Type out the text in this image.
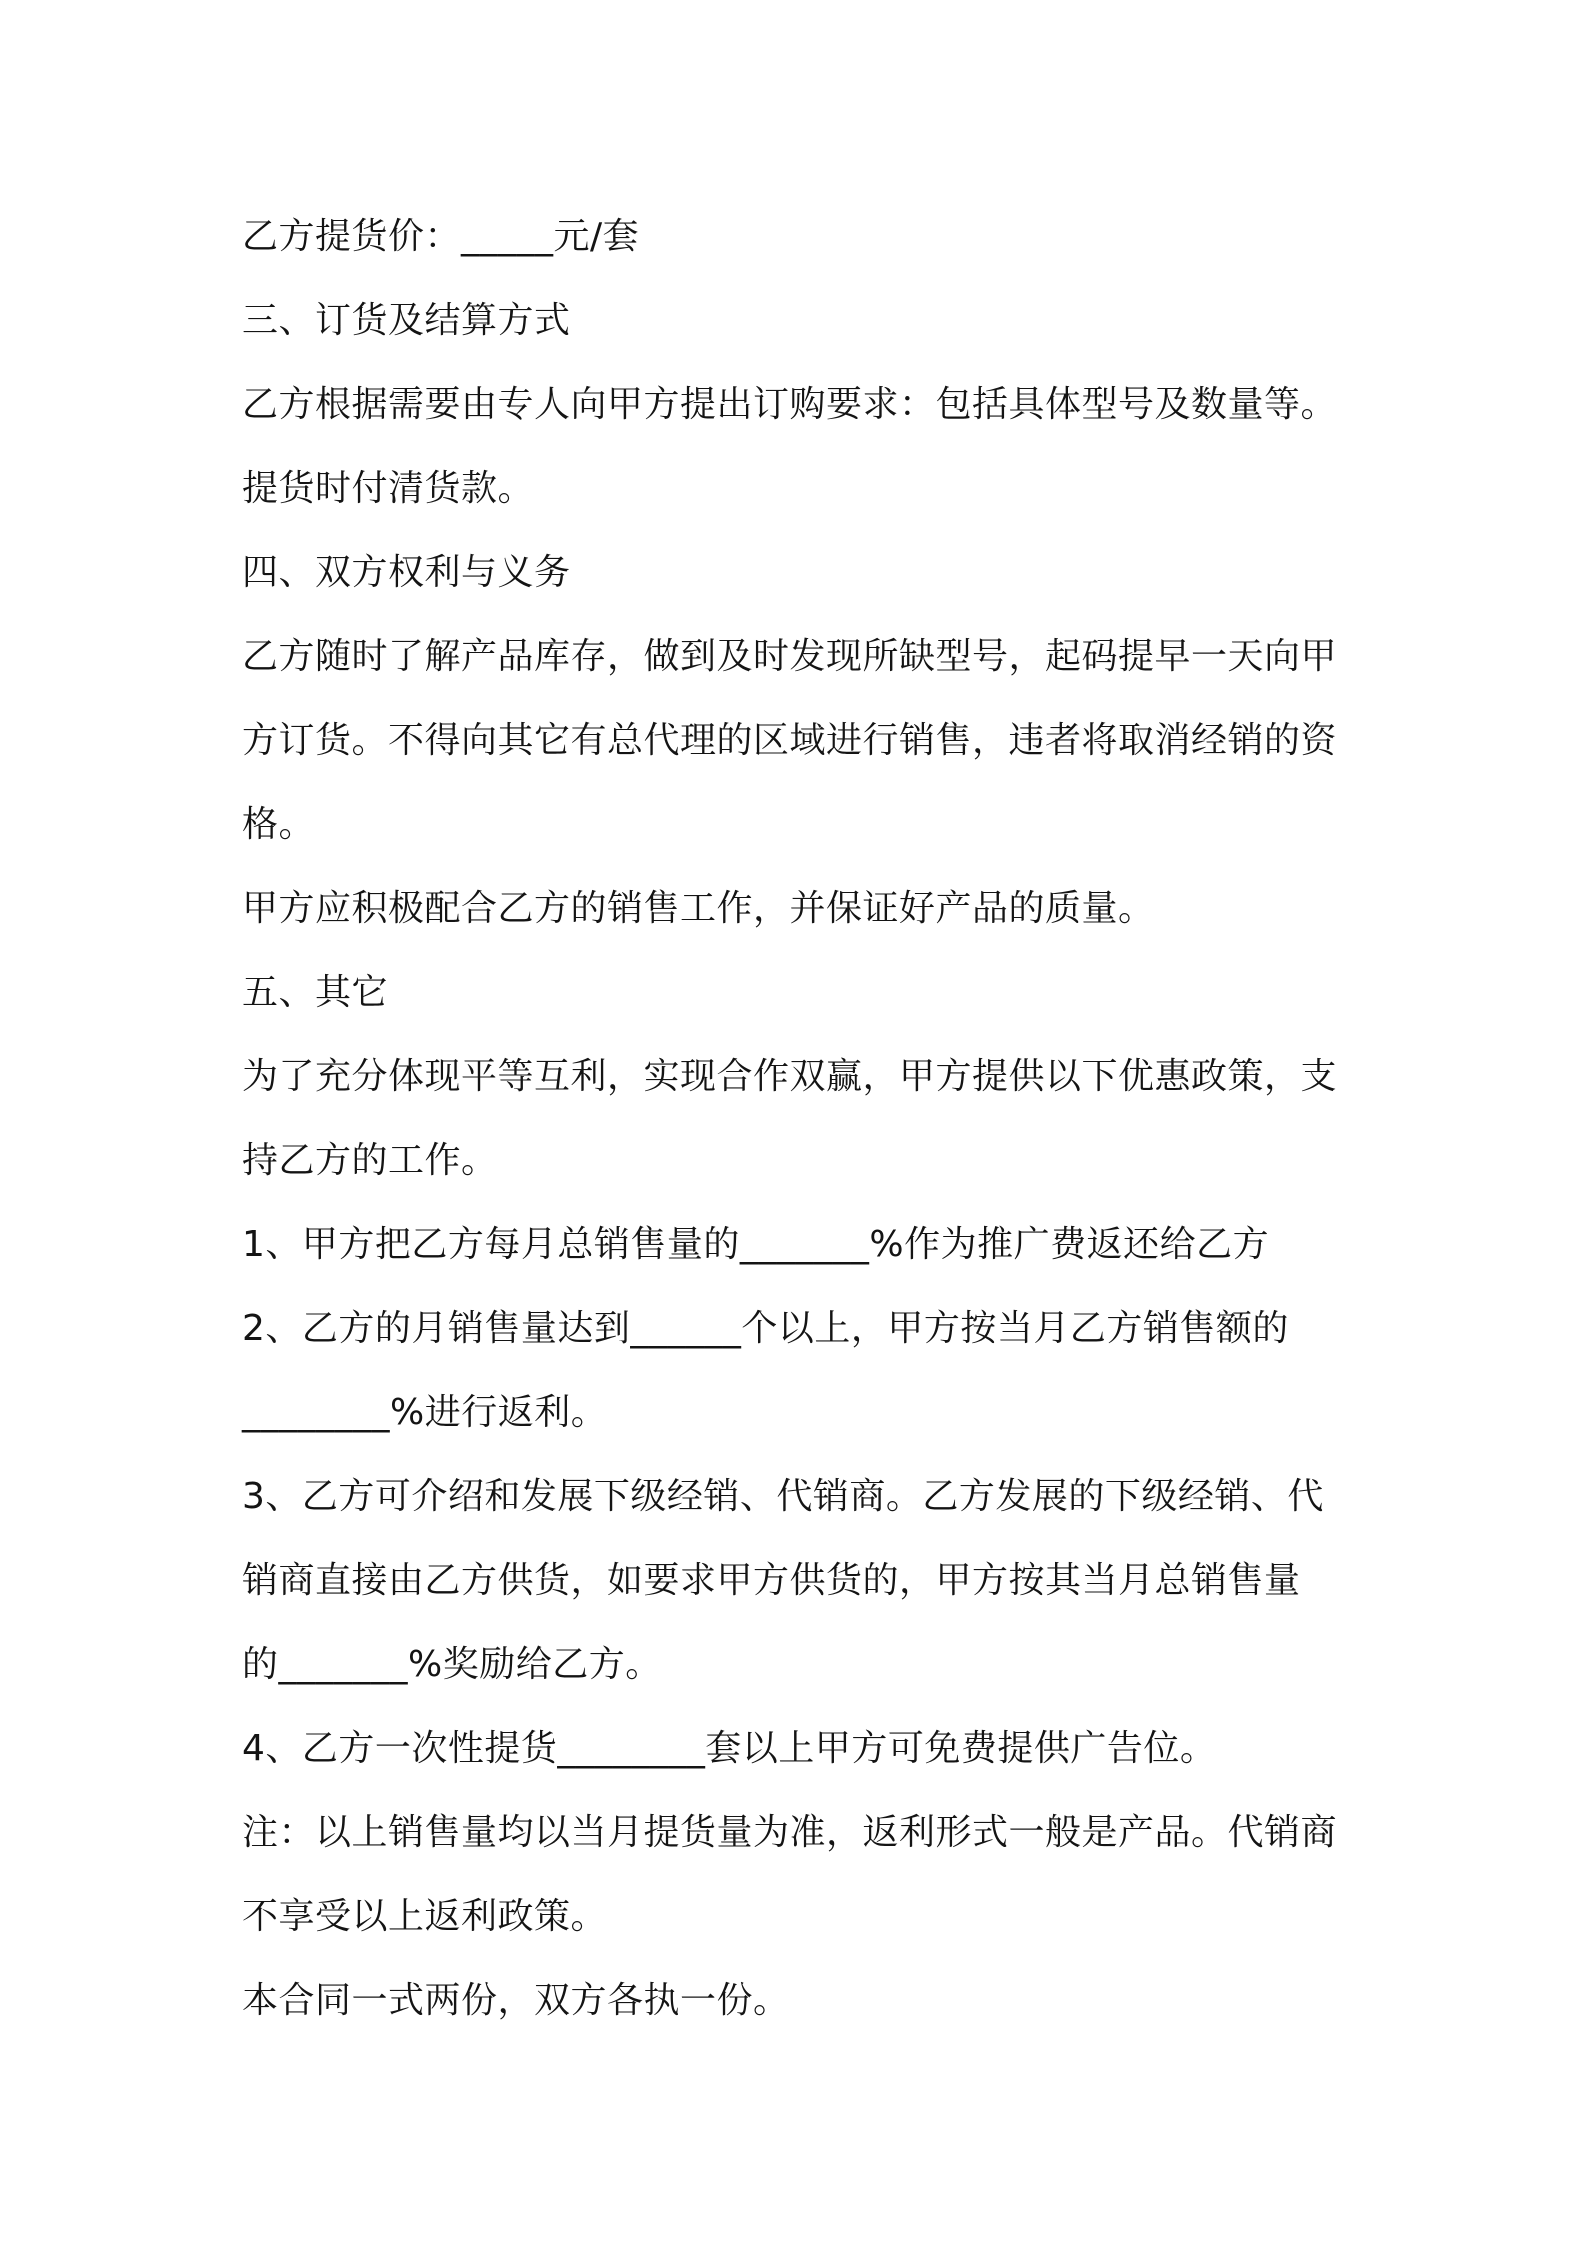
乙方提货价：_____元/套
三、订货及结算方式
乙方根据需要由专人向甲方提出订购要求：包括具体型号及数量等。
提货时付清货款。
四、双方权利与义务
乙方随时了解产品库存，做到及时发现所缺型号，起码提早一天向甲
方订货。不得向其它有总代理的区域进行销售，违者将取消经销的资
格。
甲方应积极配合乙方的销售工作，并保证好产品的质量。
五、其它
为了充分体现平等互利，实现合作双赢，甲方提供以下优惠政策，支
持乙方的工作。
1、甲方把乙方每月总销售量的_______%作为推广费返还给乙方
2、乙方的月销售量达到______个以上，甲方按当月乙方销售额的
________%进行返利。
3、乙方可介绍和发展下级经销、代销商。乙方发展的下级经销、代
销商直接由乙方供货，如要求甲方供货的，甲方按其当月总销售量
的_______%奖励给乙方。
4、乙方一次性提货________套以上甲方可免费提供广告位。
注：以上销售量均以当月提货量为准，返利形式一般是产品。代销商
不享受以上返利政策。
本合同一式两份，双方各执一份。
